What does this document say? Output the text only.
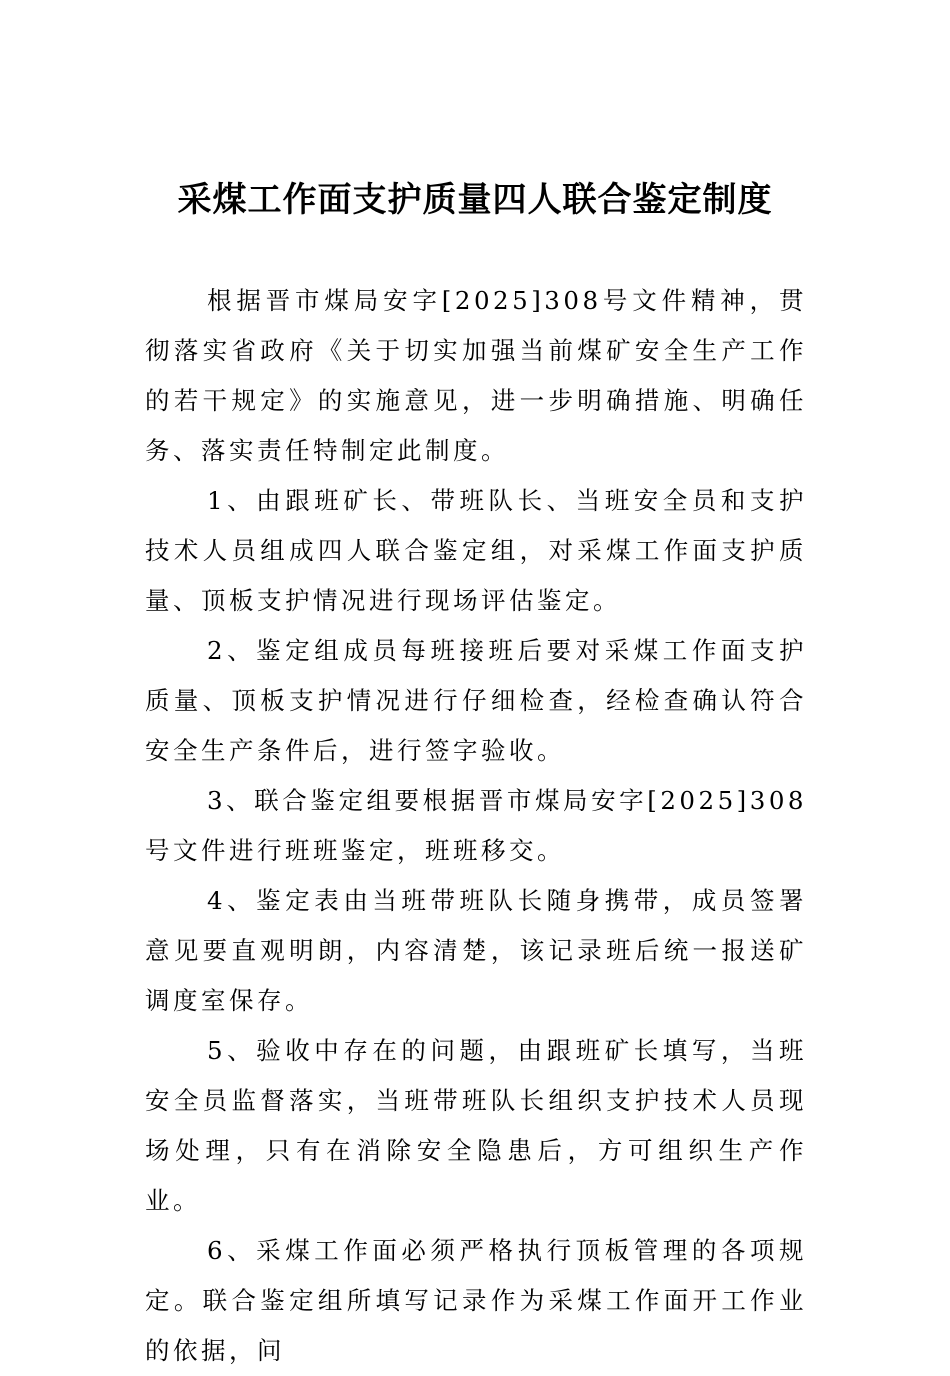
采煤工作面支护质量四人联合鉴定制度

根据晋市煤局安字[2025]308号文件精神，贯彻落实省政府《关于切实加强当前煤矿安全生产工作的若干规定》的实施意见，进一步明确措施、明确任务、落实责任特制定此制度。

1、由跟班矿长、带班队长、当班安全员和支护技术人员组成四人联合鉴定组，对采煤工作面支护质量、顶板支护情况进行现场评估鉴定。

2、鉴定组成员每班接班后要对采煤工作面支护质量、顶板支护情况进行仔细检查，经检查确认符合安全生产条件后，进行签字验收。

3、联合鉴定组要根据晋市煤局安字[2025]308号文件进行班班鉴定，班班移交。

4、鉴定表由当班带班队长随身携带，成员签署意见要直观明朗，内容清楚，该记录班后统一报送矿调度室保存。

5、验收中存在的问题，由跟班矿长填写，当班安全员监督落实，当班带班队长组织支护技术人员现场处理，只有在消除安全隐患后，方可组织生产作业。

6、采煤工作面必须严格执行顶板管理的各项规定。联合鉴定组所填写记录作为采煤工作面开工作业的依据，问
